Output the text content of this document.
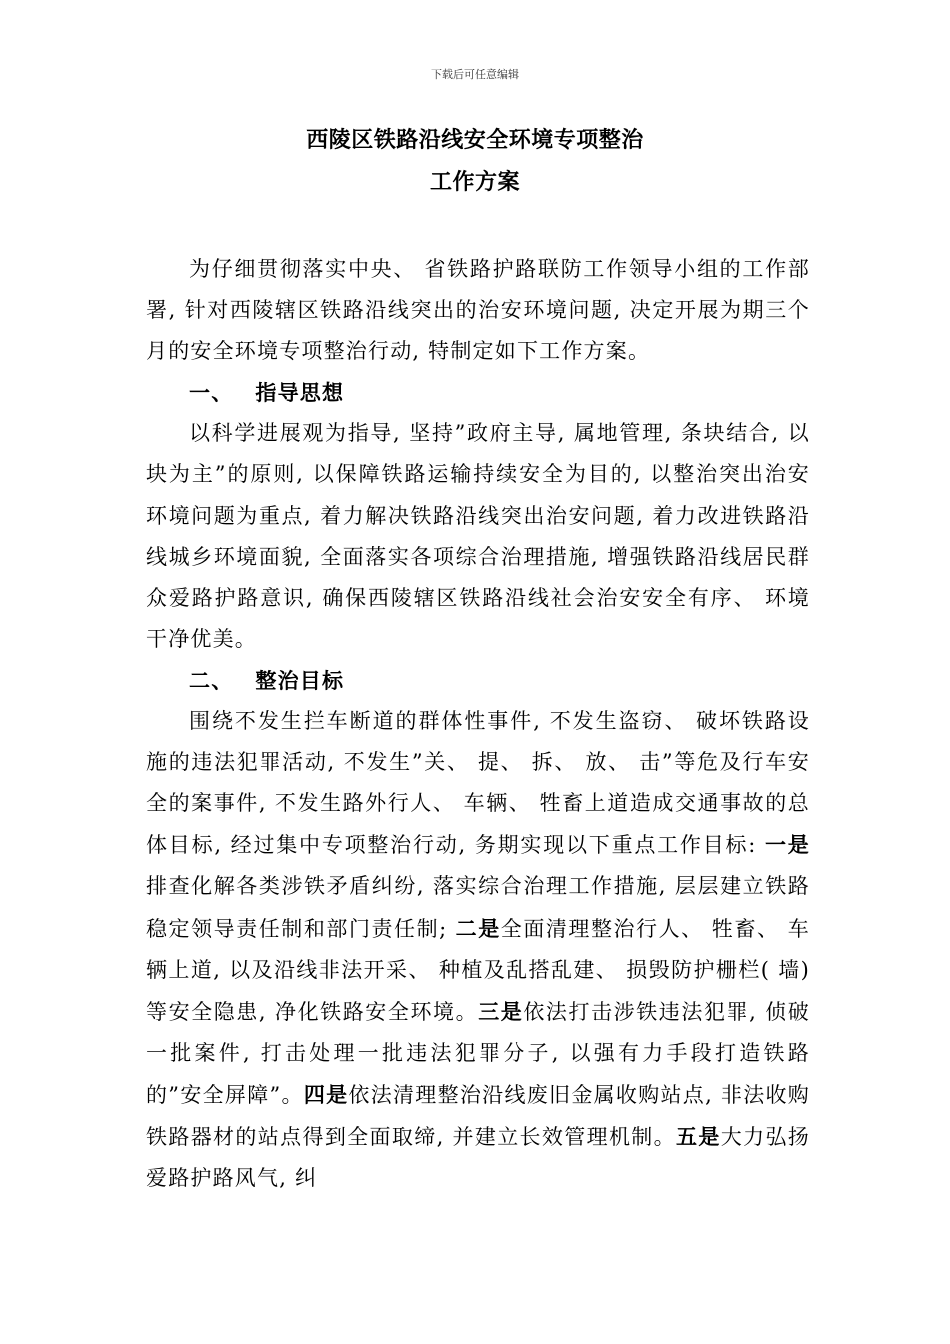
下载后可任意编辑
西陵区铁路沿线安全环境专项整治
工作方案

为仔细贯彻落实中央、 省铁路护路联防工作领导小组的工作部署, 针对西陵辖区铁路沿线突出的治安环境问题, 决定开展为期三个月的安全环境专项整治行动, 特制定如下工作方案。

一、 指导思想

以科学进展观为指导, 坚持”政府主导, 属地管理, 条块结合, 以块为主”的原则, 以保障铁路运输持续安全为目的, 以整治突出治安环境问题为重点, 着力解决铁路沿线突出治安问题, 着力改进铁路沿线城乡环境面貌, 全面落实各项综合治理措施, 增强铁路沿线居民群众爱路护路意识, 确保西陵辖区铁路沿线社会治安安全有序、 环境干净优美。

二、 整治目标

围绕不发生拦车断道的群体性事件, 不发生盗窃、 破坏铁路设施的违法犯罪活动, 不发生”关、 提、 拆、 放、 击”等危及行车安全的案事件, 不发生路外行人、 车辆、 牲畜上道造成交通事故的总体目标, 经过集中专项整治行动, 务期实现以下重点工作目标: 一是排查化解各类涉铁矛盾纠纷, 落实综合治理工作措施, 层层建立铁路稳定领导责任制和部门责任制; 二是全面清理整治行人、 牲畜、 车辆上道, 以及沿线非法开采、 种植及乱搭乱建、 损毁防护栅栏( 墙) 等安全隐患, 净化铁路安全环境。三是依法打击涉铁违法犯罪, 侦破一批案件, 打击处理一批违法犯罪分子, 以强有力手段打造铁路的”安全屏障”。四是依法清理整治沿线废旧金属收购站点, 非法收购铁路器材的站点得到全面取缔, 并建立长效管理机制。五是大力弘扬爱路护路风气, 纠
